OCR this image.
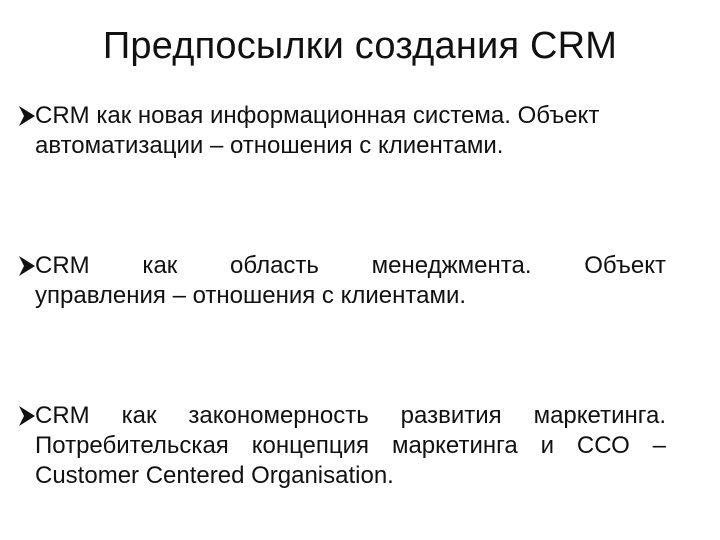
Предпосылки создания CRM
CRM как новая информационная система. Объект
автоматизации – отношения с клиентами.
CRM как область менеджмента. Объект
управления – отношения с клиентами.
CRM как закономерность развития маркетинга.
Потребительская концепция маркетинга и ССО –
Customer Centered Organisation.
